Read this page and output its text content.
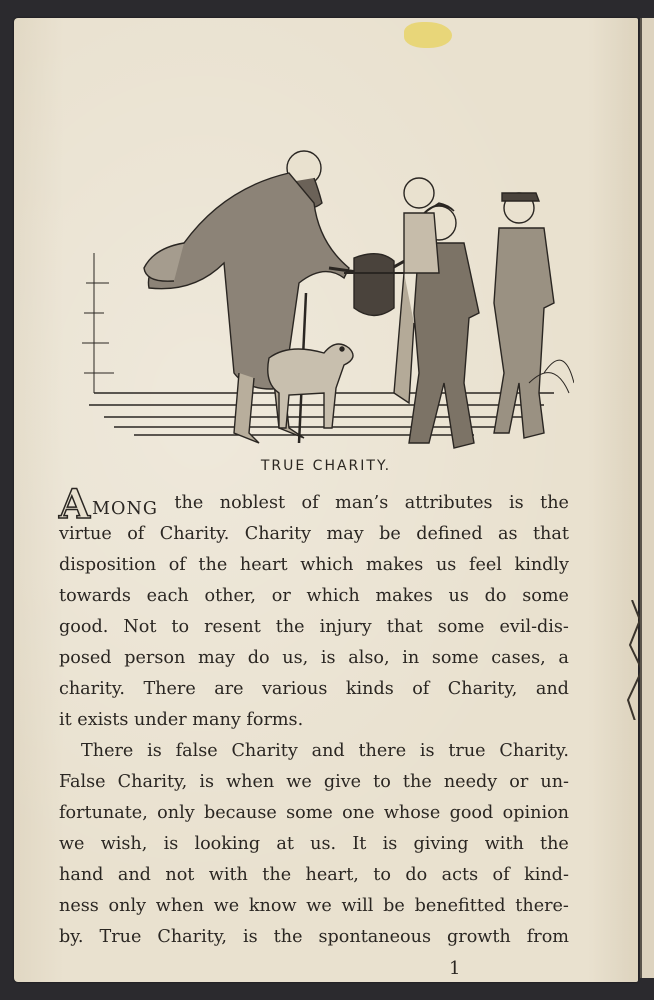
TRUE CHARITY.
AMONG the noblest of man’s attributes is the
virtue of Charity. Charity may be defined as that
disposition of the heart which makes us feel kindly
towards each other, or which makes us do some
good. Not to resent the injury that some evil-dis-
posed person may do us, is also, in some cases, a
charity. There are various kinds of Charity, and
it exists under many forms.
There is false Charity and there is true Charity.
False Charity, is when we give to the needy or un-
fortunate, only because some one whose good opinion
we wish, is looking at us. It is giving with the
hand and not with the heart, to do acts of kind-
ness only when we know we will be benefitted there-
by. True Charity, is the spontaneous growth from
1
